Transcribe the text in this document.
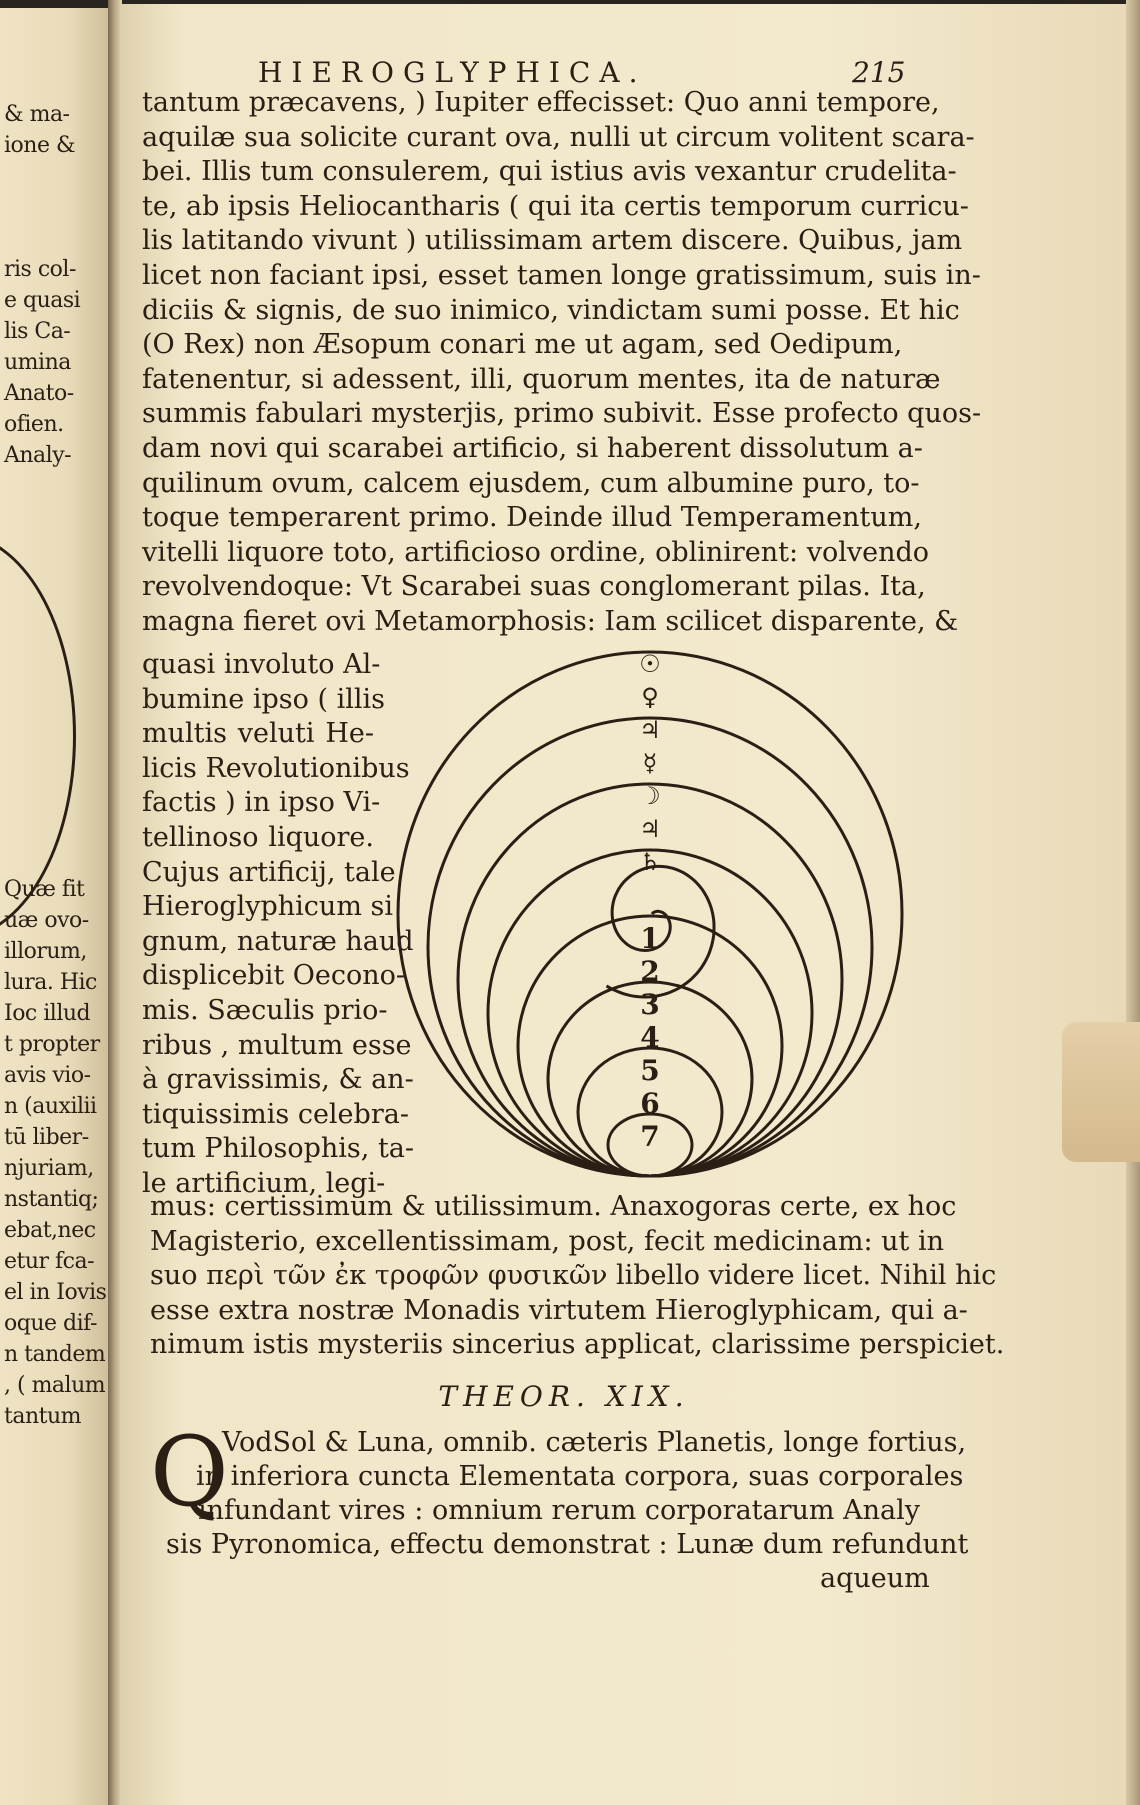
& ma-
ione &
ris col-
e quasi
lis Ca-
umina
Anato-
ofien.
Analy-
Quæ fit
uæ ovo-
illorum,
lura. Hic
Ioc illud
t propter
avis vio-
n (auxilii
tū liber-
njuriam,
nstantiq;
ebat,nec
etur fca-
el in Iovis
oque dif-
n tandem
, ( malum
tantum
HIEROGLYPHICA.	215
tantum præcavens, ) Iupiter effecisset: Quo anni tempore,
aquilæ sua solicite curant ova, nulli ut circum volitent scara-
bei. Illis tum consulerem, qui istius avis vexantur crudelita-
te, ab ipsis Heliocantharis ( qui ita certis temporum curricu-
lis latitando vivunt ) utilissimam artem discere. Quibus, jam
licet non faciant ipsi, esset tamen longe gratissimum, suis in-
diciis & signis, de suo inimico, vindictam sumi posse. Et hic
(O Rex) non Æsopum conari me ut agam, sed Oedipum,
fatenentur, si adessent, illi, quorum mentes, ita de naturæ
summis fabulari mysterjis, primo subivit. Esse profecto quos-
dam novi qui scarabei artificio, si haberent dissolutum a-
quilinum ovum, calcem ejusdem, cum albumine puro, to-
toque temperarent primo. Deinde illud Temperamentum,
vitelli liquore toto, artificioso ordine, oblinirent: volvendo
revolvendoque: Vt Scarabei suas conglomerant pilas. Ita,
magna fieret ovi Metamorphosis: Iam scilicet disparente, &
quasi involuto Al-
bumine ipso ( illis
multis veluti He-
licis Revolutionibus
factis ) in ipso Vi-
tellinoso liquore.
Cujus artificij, tale
Hieroglyphicum si
gnum, naturæ haud
displicebit Oecono-
mis. Sæculis prio-
ribus , multum esse
à gravissimis, & an-
tiquissimis celebra-
tum Philosophis, ta-
le artificium, legi-
mus: certissimum & utilissimum. Anaxogoras certe, ex hoc
Magisterio, excellentissimam, post, fecit medicinam: ut in
suo περὶ τῶν ἐκ τροφῶν φυσικῶν libello videre licet. Nihil hic
esse extra nostræ Monadis virtutem Hieroglyphicam, qui a-
nimum istis mysteriis sincerius applicat, clarissime perspiciet.
☉
♀
♃
☿
☽
♃
♄
1
2
3
4
5
6
7
THEOR. XIX.
Q
VodSol & Luna, omnib. cæteris Planetis, longe fortius,
in inferiora cuncta Elementata corpora, suas corporales
infundant vires : omnium rerum corporatarum Analy
sis Pyronomica, effectu demonstrat : Lunæ dum refundunt
aqueum
